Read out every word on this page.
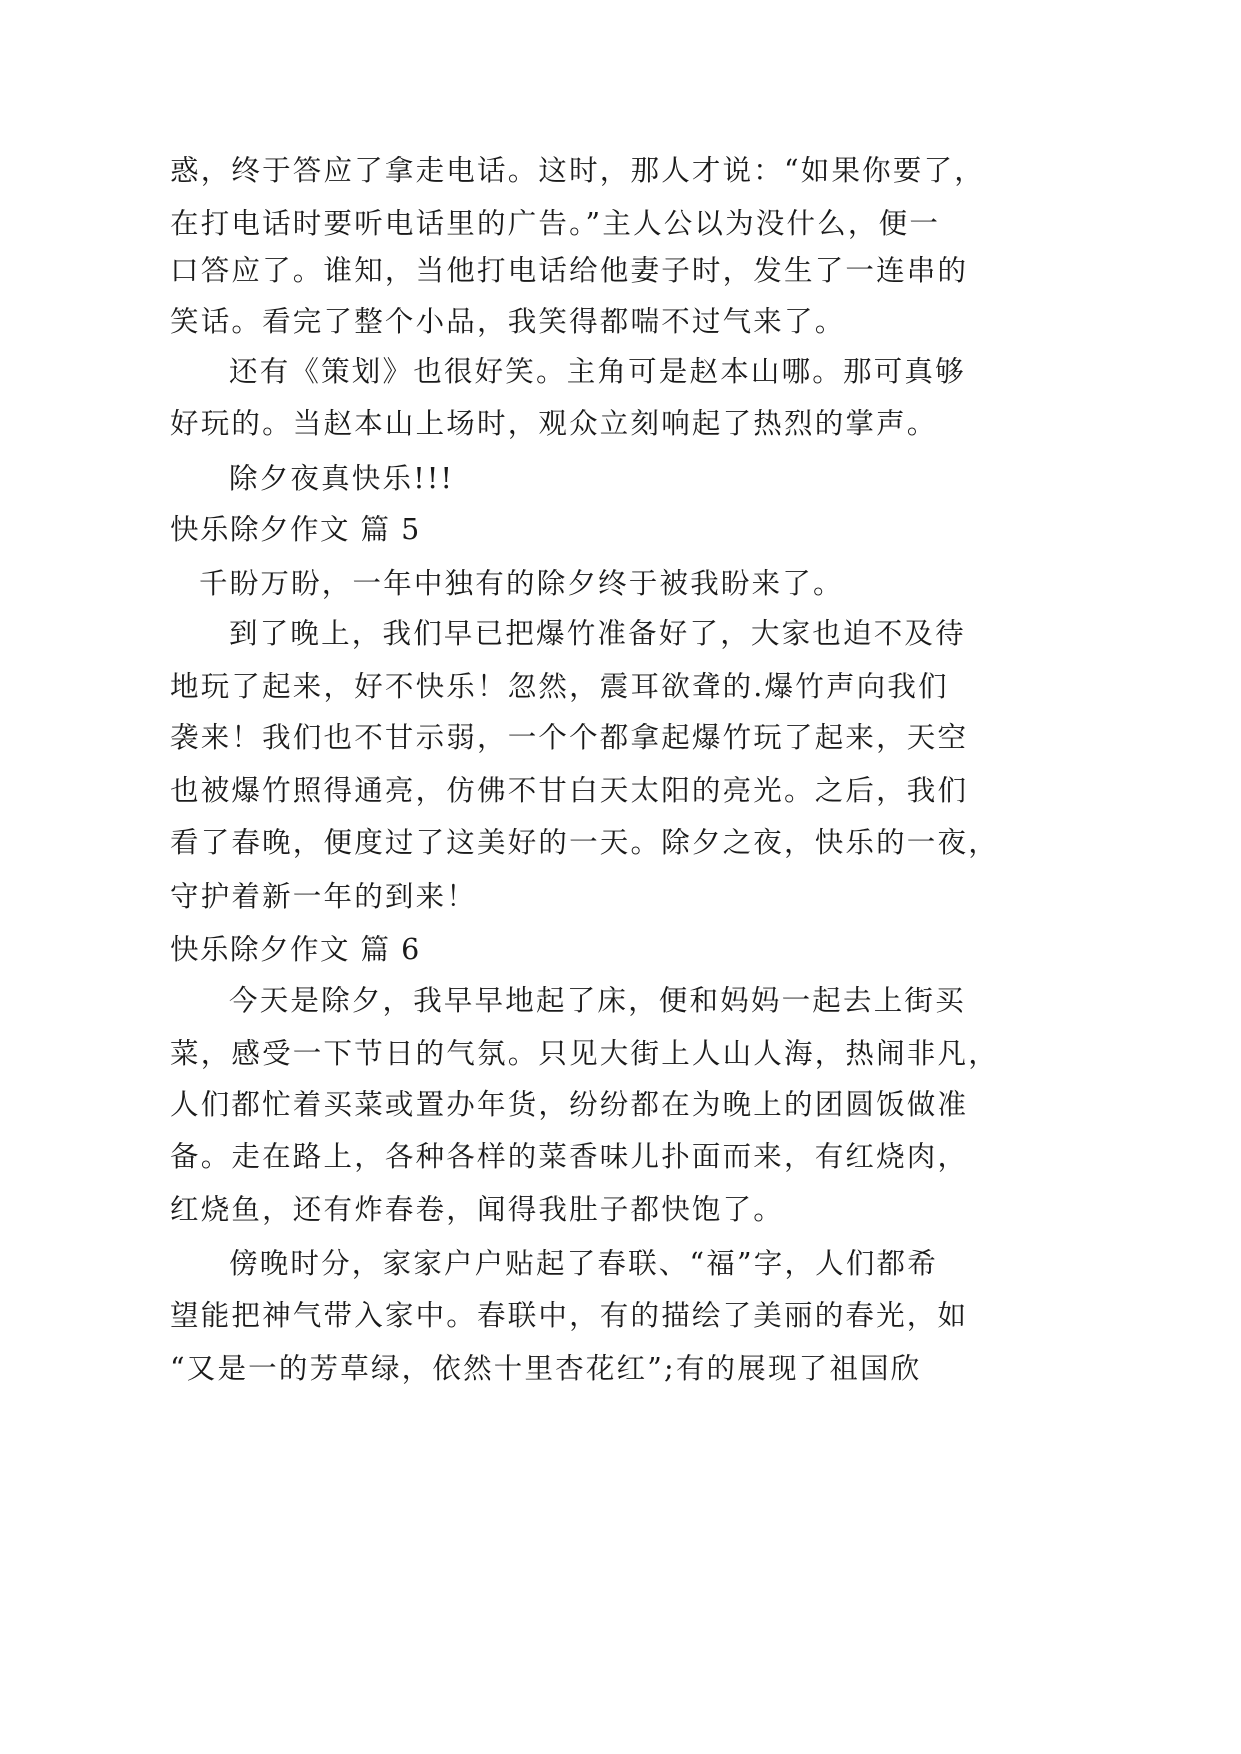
惑，终于答应了拿走电话。这时，那人才说：“如果你要了，
在打电话时要听电话里的广告。”主人公以为没什么，便一
口答应了。谁知，当他打电话给他妻子时，发生了一连串的
笑话。看完了整个小品，我笑得都喘不过气来了。
还有《策划》也很好笑。主角可是赵本山哪。那可真够
好玩的。当赵本山上场时，观众立刻响起了热烈的掌声。
除夕夜真快乐!!!
快乐除夕作文 篇 5
千盼万盼，一年中独有的除夕终于被我盼来了。
到了晚上，我们早已把爆竹准备好了，大家也迫不及待
地玩了起来，好不快乐！忽然，震耳欲聋的.爆竹声向我们
袭来！我们也不甘示弱，一个个都拿起爆竹玩了起来，天空
也被爆竹照得通亮，仿佛不甘白天太阳的亮光。之后，我们
看了春晚，便度过了这美好的一天。除夕之夜，快乐的一夜，
守护着新一年的到来！
快乐除夕作文 篇 6
今天是除夕，我早早地起了床，便和妈妈一起去上街买
菜，感受一下节日的气氛。只见大街上人山人海，热闹非凡，
人们都忙着买菜或置办年货，纷纷都在为晚上的团圆饭做准
备。走在路上，各种各样的菜香味儿扑面而来，有红烧肉，
红烧鱼，还有炸春卷，闻得我肚子都快饱了。
傍晚时分，家家户户贴起了春联、“福”字，人们都希
望能把神气带入家中。春联中，有的描绘了美丽的春光，如
“又是一的芳草绿，依然十里杏花红”;有的展现了祖国欣
